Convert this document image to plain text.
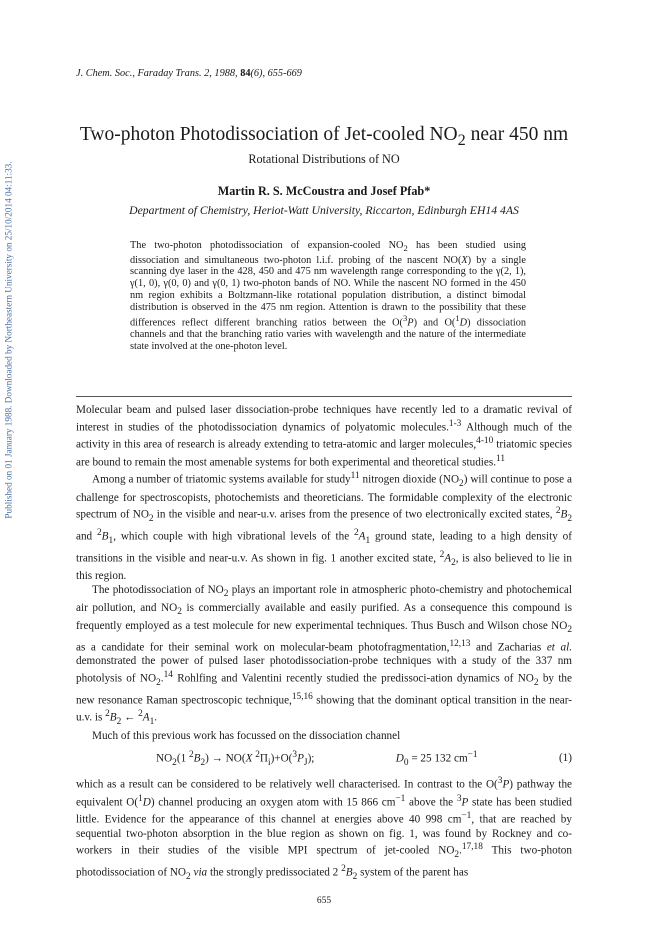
Published on 01 January 1988. Downloaded by Northeastern University on 25/10/2014 04:11:33.
J. Chem. Soc., Faraday Trans. 2, 1988, 84(6), 655-669
Two-photon Photodissociation of Jet-cooled $NO_2$ near 450 nm
Rotational Distributions of NO
Martin R. S. McCoustra and Josef Pfab*
Department of Chemistry, Heriot-Watt University, Riccarton, Edinburgh EH14 4AS

The two-photon photodissociation of expansion-cooled $NO_2$ has been studied using dissociation and simultaneous two-photon l.i.f. probing of the nascent NO(X) by a single scanning dye laser in the 428, 450 and 475 nm wavelength range corresponding to the γ(2, 1), γ(1, 0), γ(0, 0) and γ(0, 1) two-photon bands of NO. While the nascent NO formed in the 450 nm region exhibits a Boltzmann-like rotational population distribution, a distinct bimodal distribution is observed in the 475 nm region. Attention is drawn to the possibility that these differences reflect different branching ratios between the O($^3$P) and O($^1$D) dissociation channels and that the branching ratio varies with wavelength and the nature of the intermediate state involved at the one-photon level.

Molecular beam and pulsed laser dissociation-probe techniques have recently led to a dramatic revival of interest in studies of the photodissociation dynamics of polyatomic molecules.$^{1-3}$ Although much of the activity in this area of research is already extending to tetra-atomic and larger molecules,$^{4-10}$ triatomic species are bound to remain the most amenable systems for both experimental and theoretical studies.$^{11}$

Among a number of triatomic systems available for study$^{11}$ nitrogen dioxide $(NO_2)$ will continue to pose a challenge for spectroscopists, photochemists and theoreticians. The formidable complexity of the electronic spectrum of $NO_2$ in the visible and near-u.v. arises from the presence of two electronically excited states, $^2B_2$ and $^2B_1$, which couple with high vibrational levels of the $^2A_1$ ground state, leading to a high density of transitions in the visible and near-u.v. As shown in fig. 1 another excited state, $^2A_2$, is also believed to lie in this region.

The photodissociation of $NO_2$ plays an important role in atmospheric photo-chemistry and photochemical air pollution, and $NO_2$ is commercially available and easily purified. As a consequence this compound is frequently employed as a test molecule for new experimental techniques. Thus Busch and Wilson chose $NO_2$ as a candidate for their seminal work on molecular-beam photofragmentation,$^{12,13}$ and Zacharias et al. demonstrated the power of pulsed laser photodissociation-probe techniques with a study of the 337 nm photolysis of $NO_2.^{14}$ Rohlfing and Valentini recently studied the predissoci-ation dynamics of $NO_2$ by the new resonance Raman spectroscopic technique,$^{15,16}$ showing that the dominant optical transition in the near-u.v. is $^2B_2$ ← $^2A_1$.

Much of this previous work has focussed on the dissociation channel

$NO_2(1$ $^2B_2) \to NO(X$ $^2\Pi_i)+O(^3P_J)$;	$D_0 = 25$ 132 $cm^{-1}$	(1)

which as a result can be considered to be relatively well characterised. In contrast to the O($^3$P) pathway the equivalent O($^1$D) channel producing an oxygen atom with 15 866 $cm^{-1}$ above the $^3$P state has been studied little. Evidence for the appearance of this channel at energies above 40 998 $cm^{-1}$, that are reached by sequential two-photon absorption in the blue region as shown on fig. 1, was found by Rockney and co-workers in their studies of the visible MPI spectrum of jet-cooled $NO_2.^{17,18}$ This two-photon photodissociation of $NO_2$ via the strongly predissociated 2 $^2B_2$ system of the parent has

655
